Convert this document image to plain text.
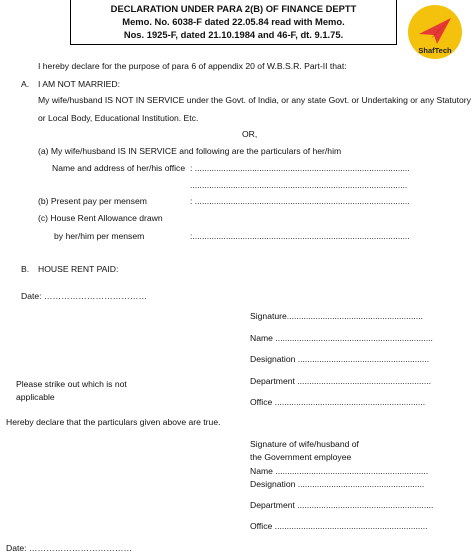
DECLARATION UNDER PARA 2(B) OF FINANCE DEPTT
Memo. No. 6038-F dated 22.05.84 read with Memo.
Nos. 1925-F, dated 21.10.1984 and 46-F, dt. 9.1.75.
ShafTech
I hereby declare for the purpose of para 6 of appendix 20 of W.B.S.R. Part-II that:
A. I AM NOT MARRIED:
My wife/husband IS NOT IN SERVICE under the Govt. of India, or any state Govt. or Undertaking or any Statutory
or Local Body, Educational Institution. Etc.
OR,
(a) My wife/husband IS IN SERVICE and following are the particulars of her/him
Name and address of her/his office : ..........................................................................................
...........................................................................................
(b) Present pay per mensem	: ..........................................................................................
(c) House Rent Allowance drawn
by her/him per mensem	:...........................................................................................
B. HOUSE RENT PAID:
Date: ………………………………
Signature.........................................................
Name ..................................................................
Designation .......................................................
Department ........................................................
Office ...............................................................
Please strike out which is not
applicable
Hereby declare that the particulars given above are true.
Signature of wife/husband of
the Government employee
Name ................................................................
Designation .....................................................
Department .........................................................
Office ................................................................
Date: ………………………………
